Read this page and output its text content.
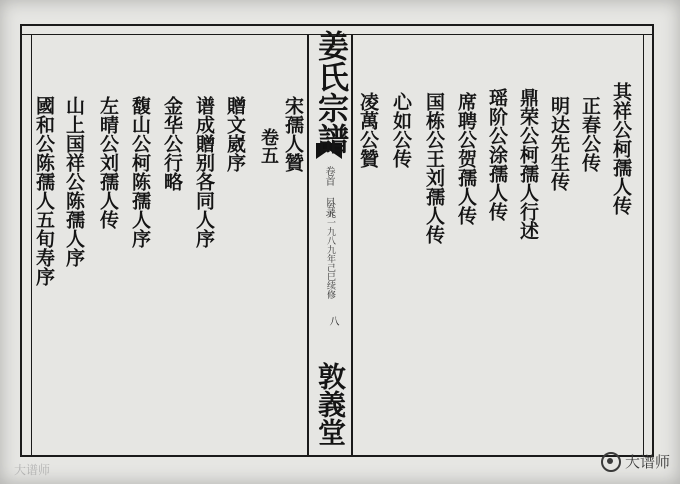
姜氏宗譜
卷首 目录
公元一九八九年己巳续修
八
敦義堂
其祥公柯孺人传
正春公传
明达先生传
鼎荣公柯孺人行述
瑶阶公涂孺人传
席聘公贺孺人传
国栋公王刘孺人传
心如公传
凌萬公贊
宋孺人贊
卷五
贈文崴序
谱成贈别各同人序
金华公行略
馥山公柯陈孺人序
左晴公刘孺人传
山上国祥公陈孺人序
國和公陈孺人五旬寿序
大谱师
大谱师
